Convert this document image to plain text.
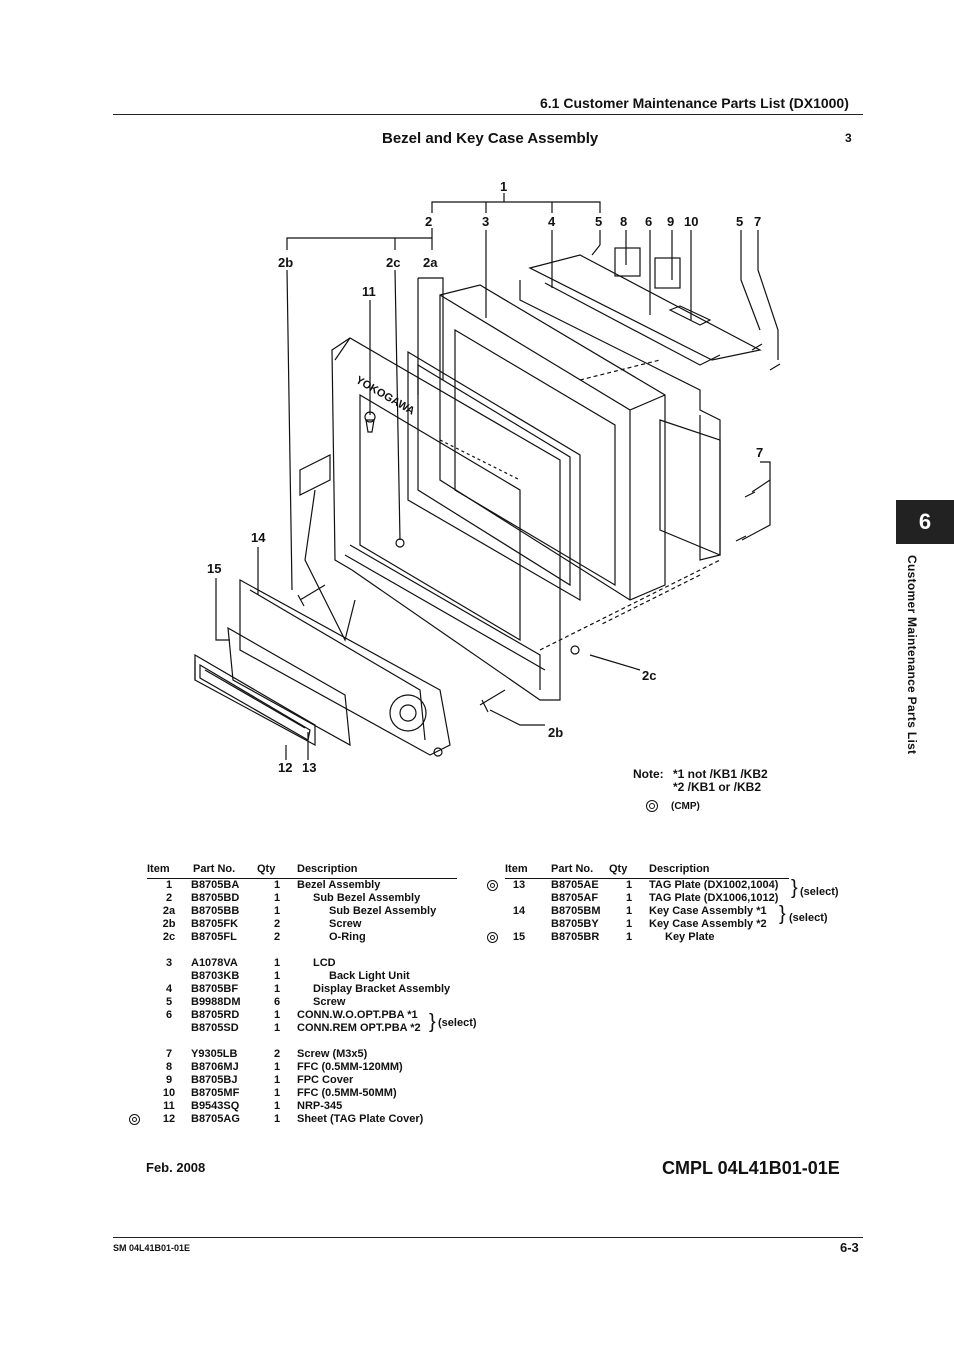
6.1 Customer Maintenance Parts List (DX1000)
Bezel and Key Case Assembly	3
6
Customer Maintenance Parts List
YOKOGAWA
1
2	3	4	5 8 6 9 10	5 7
2b	2c 2a
11
14
15
7
2c
2b
12 13	Note: *1 not /KB1 /KB2
*2 /KB1 or /KB2
(CMP)
Item	Part No.	Qty	Description
1	B8705BA	1	Bezel Assembly
2	B8705BD	1	Sub Bezel Assembly
2a	B8705BB	1	Sub Bezel Assembly
2b	B8705FK	2	Screw
2c	B8705FL	2	O-Ring

3	A1078VA	1	LCD
	B8703KB	1	Back Light Unit
4	B8705BF	1	Display Bracket Assembly
5	B9988DM	6	Screw
6	B8705RD	1	CONN.W.O.OPT.PBA *1
	B8705SD	1	CONN.REM OPT.PBA *2

7	Y9305LB	2	Screw (M3x5)
8	B8706MJ	1	FFC (0.5MM-120MM)
9	B8705BJ	1	FPC Cover
10	B8705MF	1	FFC (0.5MM-50MM)
11	B9543SQ	1	NRP-345
12	B8705AG	1	Sheet (TAG Plate Cover)
} (select)
Item	Part No.	Qty	Description
13	B8705AE	1	TAG Plate (DX1002,1004)
	B8705AF	1	TAG Plate (DX1006,1012)
14	B8705BM	1	Key Case Assembly *1
	B8705BY	1	Key Case Assembly *2
15	B8705BR	1	Key Plate
} (select)
} (select)
Feb. 2008	CMPL 04L41B01-01E
SM 04L41B01-01E	6-3
